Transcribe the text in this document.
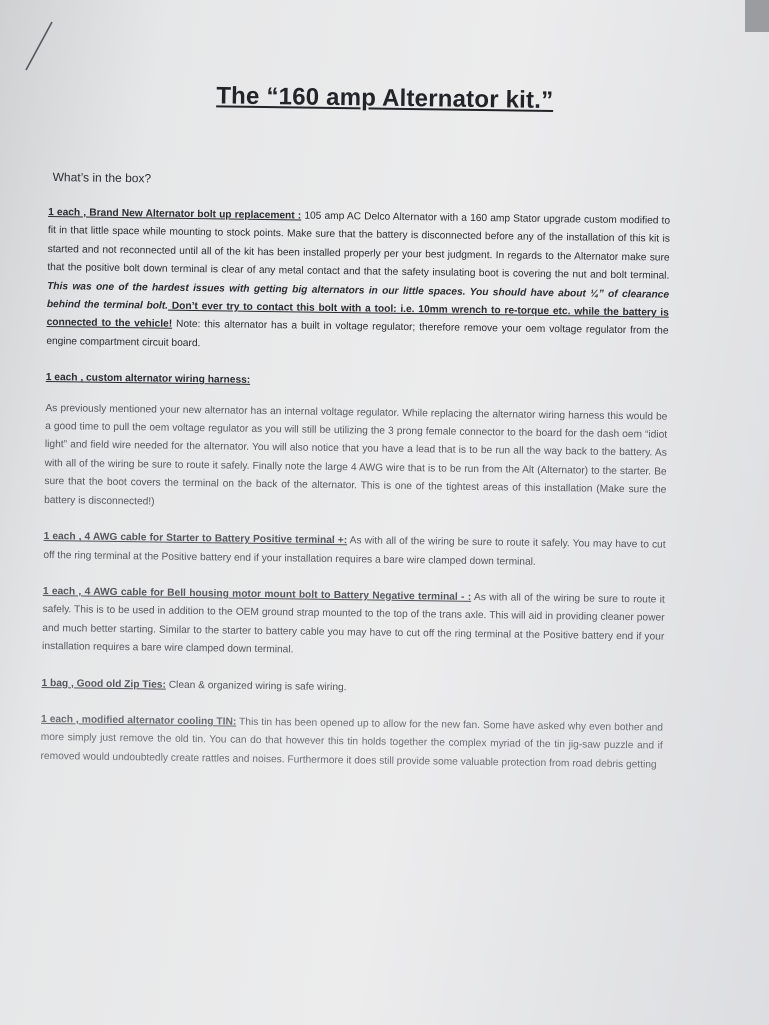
The “160 amp Alternator kit.”
What’s in the box?

1 each , Brand New Alternator bolt up replacement : 105 amp AC Delco Alternator with a 160 amp Stator upgrade custom modified to fit in that little space while mounting to stock points. Make sure that the battery is disconnected before any of the installation of this kit is started and not reconnected until all of the kit has been installed properly per your best judgment. In regards to the Alternator make sure that the positive bolt down terminal is clear of any metal contact and that the safety insulating boot is covering the nut and bolt terminal. This was one of the hardest issues with getting big alternators in our little spaces. You should have about ¼” of clearance behind the terminal bolt. Don’t ever try to contact this bolt with a tool: i.e. 10mm wrench to re-torque etc. while the battery is connected to the vehicle! Note: this alternator has a built in voltage regulator; therefore remove your oem voltage regulator from the engine compartment circuit board.

1 each , custom alternator wiring harness:

As previously mentioned your new alternator has an internal voltage regulator. While replacing the alternator wiring harness this would be a good time to pull the oem voltage regulator as you will still be utilizing the 3 prong female connector to the board for the dash oem “idiot light” and field wire needed for the alternator. You will also notice that you have a lead that is to be run all the way back to the battery. As with all of the wiring be sure to route it safely. Finally note the large 4 AWG wire that is to be run from the Alt (Alternator) to the starter. Be sure that the boot covers the terminal on the back of the alternator. This is one of the tightest areas of this installation (Make sure the battery is disconnected!)

1 each , 4 AWG cable for Starter to Battery Positive terminal +: As with all of the wiring be sure to route it safely. You may have to cut off the ring terminal at the Positive battery end if your installation requires a bare wire clamped down terminal.

1 each , 4 AWG cable for Bell housing motor mount bolt to Battery Negative terminal - : As with all of the wiring be sure to route it safely. This is to be used in addition to the OEM ground strap mounted to the top of the trans axle. This will aid in providing cleaner power and much better starting. Similar to the starter to battery cable you may have to cut off the ring terminal at the Positive battery end if your installation requires a bare wire clamped down terminal.

1 bag , Good old Zip Ties: Clean & organized wiring is safe wiring.

1 each , modified alternator cooling TIN: This tin has been opened up to allow for the new fan. Some have asked why even bother and more simply just remove the old tin. You can do that however this tin holds together the complex myriad of the tin jig-saw puzzle and if removed would undoubtedly create rattles and noises. Furthermore it does still provide some valuable protection from road debris getting
